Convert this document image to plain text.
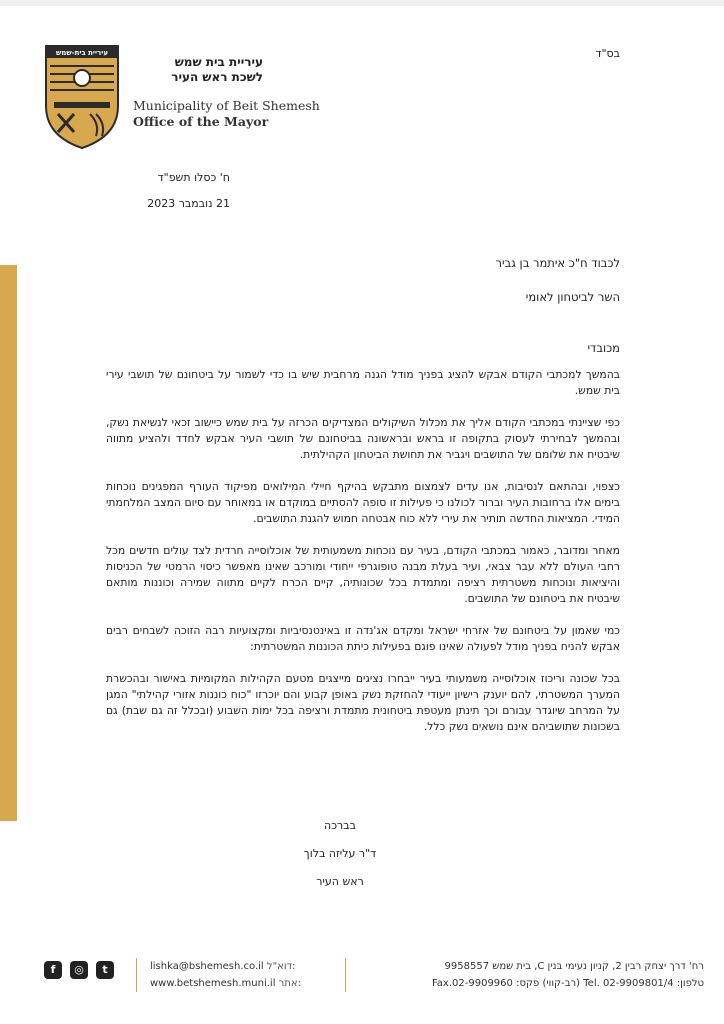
עיריית בית-שמש
עיריית בית שמש
לשכת ראש העיר
Municipality of Beit Shemesh
Office of the Mayor
בס"ד
ח' כסלו תשפ"ד
21 נובמבר 2023
לכבוד ח"כ איתמר בן גביר
השר לביטחון לאומי
מכובדי

בהמשך למכתבי הקודם אבקש להציג בפניך מודל הגנה מרחבית שיש בו כדי לשמור על ביטחונם של תושבי עירי בית שמש.

כפי שציינתי במכתבי הקודם אליך את מכלול השיקולים המצדיקים הכרזה על בית שמש כיישוב זכאי לנשיאת נשק, ובהמשך לבחירתי לעסוק בתקופה זו בראש ובראשונה בביטחונם של תושבי העיר אבקש לחדד ולהציע מתווה שיבטיח את שלומם של התושבים ויגביר את תחושת הביטחון הקהילתית.

כצפוי, ובהתאם לנסיבות, אנו עדים לצמצום מתבקש בהיקף חיילי המילואים מפיקוד העורף המפגינים נוכחות בימים אלו ברחובות העיר וברור לכולנו כי פעילות זו סופה להסתיים במוקדם או במאוחר עם סיום המצב המלחמתי המידי. המציאות החדשה תותיר את עירי ללא כוח אבטחה חמוש להגנת התושבים.

מאחר ומדובר, כאמור במכתבי הקודם, בעיר עם נוכחות משמעותית של אוכלוסייה חרדית לצד עולים חדשים מכל רחבי העולם ללא עבר צבאי, ועיר בעלת מבנה טופוגרפי ייחודי ומורכב שאינו מאפשר כיסוי הרמטי של הכניסות והיציאות ונוכחות משטרתית רציפה ומתמדת בכל שכונותיה, קיים הכרח לקיים מתווה שמירה וכוננות מותאם שיבטיח את ביטחונם של התושבים.

כמי שאמון על ביטחונם של אזרחי ישראל ומקדם אג'נדה זו באינטנסיביות ומקצועיות רבה הזוכה לשבחים רבים אבקש להניח בפניך מודל לפעולה שאינו פוגם בפעילות כיתת הכוננות המשטרתית:

בכל שכונה וריכוז אוכלוסייה משמעותי בעיר ייבחרו נציגים מייצגים מטעם הקהילות המקומיות באישור ובהכשרת המערך המשטרתי, להם יוענק רישיון ייעודי להחזקת נשק באופן קבוע והם יוכרזו "כוח כוננות אזורי קהילתי" המגן על המרחב שיוגדר עבורם וכך תינתן מעטפת ביטחונית מתמדת ורציפה בכל ימות השבוע (ובכלל זה גם שבת) גם בשכונות שתושביהם אינם נושאים נשק כלל.

בברכה
ד"ר עליזה בלוך
ראש העיר
רח' דרך יצחק רבין 2, קניון נעימי בנין C, בית שמש 9958557
טלפון: Tel. 02-9909801/4 (רב-קווי) פקס: Fax.02-9909960
lishka@bshemesh.co.il דוא"ל:
www.betshemesh.muni.il אתר:
f	◎	t
